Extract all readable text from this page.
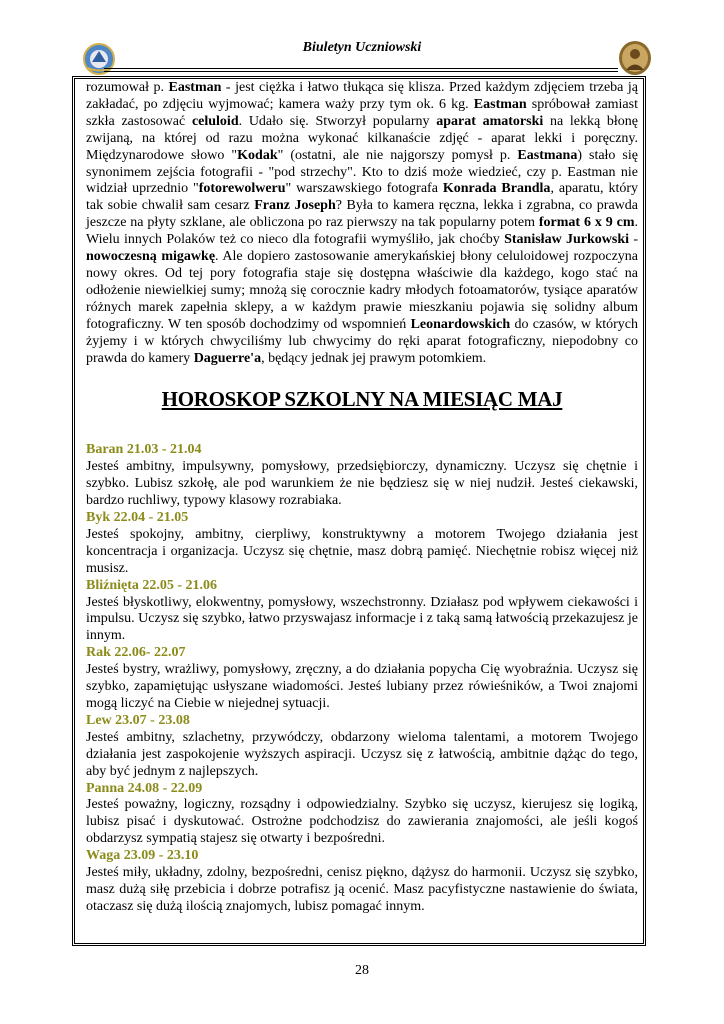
Biuletyn Uczniowski

rozumował p. Eastman - jest ciężka i łatwo tłukąca się klisza. Przed każdym zdjęciem trzeba ją zakładać, po zdjęciu wyjmować; kamera waży przy tym ok. 6 kg. Eastman spróbował zamiast szkła zastosować celuloid. Udało się. Stworzył popularny aparat amatorski na lekką błonę zwijaną, na której od razu można wykonać kilkanaście zdjęć - aparat lekki i poręczny. Międzynarodowe słowo "Kodak" (ostatni, ale nie najgorszy pomysł p. Eastmana) stało się synonimem zejścia fotografii - "pod strzechy". Kto to dziś może wiedzieć, czy p. Eastman nie widział uprzednio "fotorewolweru" warszawskiego fotografa Konrada Brandla, aparatu, który tak sobie chwalił sam cesarz Franz Joseph? Była to kamera ręczna, lekka i zgrabna, co prawda jeszcze na płyty szklane, ale obliczona po raz pierwszy na tak popularny potem format 6 x 9 cm. Wielu innych Polaków też co nieco dla fotografii wymyśliło, jak choćby Stanisław Jurkowski - nowoczesną migawkę. Ale dopiero zastosowanie amerykańskiej błony celuloidowej rozpoczyna nowy okres. Od tej pory fotografia staje się dostępna właściwie dla każdego, kogo stać na odłożenie niewielkiej sumy; mnożą się corocznie kadry młodych fotoamatorów, tysiące aparatów różnych marek zapełnia sklepy, a w każdym prawie mieszkaniu pojawia się solidny album fotograficzny. W ten sposób dochodzimy od wspomnień Leonardowskich do czasów, w których żyjemy i w których chwyciliśmy lub chwycimy do ręki aparat fotograficzny, niepodobny co prawda do kamery Daguerre'a, będący jednak jej prawym potomkiem.

HOROSKOP SZKOLNY NA MIESIĄC MAJ
Baran 21.03 - 21.04

Jesteś ambitny, impulsywny, pomysłowy, przedsiębiorczy, dynamiczny. Uczysz się chętnie i szybko. Lubisz szkołę, ale pod warunkiem że nie będziesz się w niej nudził. Jesteś ciekawski, bardzo ruchliwy, typowy klasowy rozrabiaka.

Byk 22.04 - 21.05

Jesteś spokojny, ambitny, cierpliwy, konstruktywny a motorem Twojego działania jest koncentracja i organizacja. Uczysz się chętnie, masz dobrą pamięć. Niechętnie robisz więcej niż musisz.

Bliźnięta 22.05 - 21.06

Jesteś błyskotliwy, elokwentny, pomysłowy, wszechstronny. Działasz pod wpływem ciekawości i impulsu. Uczysz się szybko, łatwo przyswajasz informacje i z taką samą łatwością przekazujesz je innym.

Rak 22.06- 22.07

Jesteś bystry, wrażliwy, pomysłowy, zręczny, a do działania popycha Cię wyobraźnia. Uczysz się szybko, zapamiętując usłyszane wiadomości. Jesteś lubiany przez rówieśników, a Twoi znajomi mogą liczyć na Ciebie w niejednej sytuacji.

Lew 23.07 - 23.08

Jesteś ambitny, szlachetny, przywódczy, obdarzony wieloma talentami, a motorem Twojego działania jest zaspokojenie wyższych aspiracji. Uczysz się z łatwością, ambitnie dążąc do tego, aby być jednym z najlepszych.

Panna 24.08 - 22.09

Jesteś poważny, logiczny, rozsądny i odpowiedzialny. Szybko się uczysz, kierujesz się logiką, lubisz pisać i dyskutować. Ostrożne podchodzisz do zawierania znajomości, ale jeśli kogoś obdarzysz sympatią stajesz się otwarty i bezpośredni.

Waga 23.09 - 23.10

Jesteś miły, układny, zdolny, bezpośredni, cenisz piękno, dążysz do harmonii. Uczysz się szybko, masz dużą siłę przebicia i dobrze potrafisz ją ocenić. Masz pacyfistyczne nastawienie do świata, otaczasz się dużą ilością znajomych, lubisz pomagać innym.

28
